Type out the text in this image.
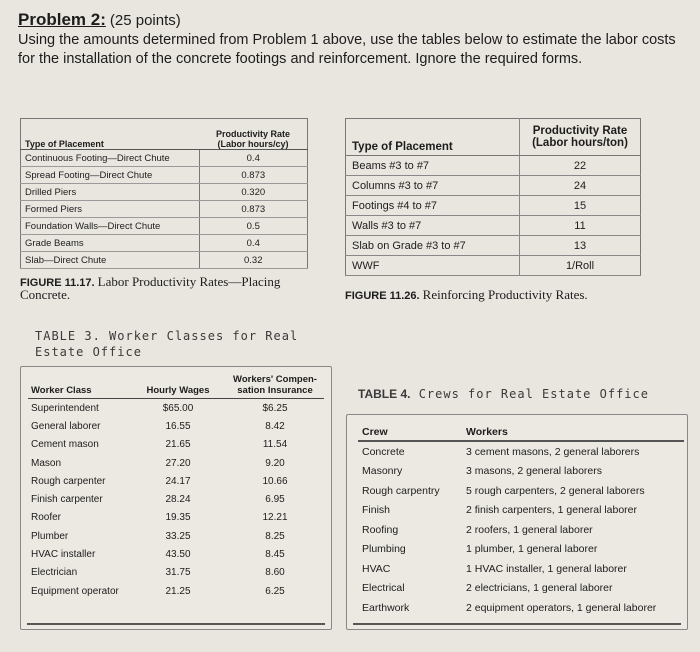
Problem 2: (25 points)
Using the amounts determined from Problem 1 above, use the tables below to estimate the labor costs for the installation of the concrete footings and reinforcement. Ignore the required forms.
Type of Placement	Productivity Rate (Labor hours/cy)
Continuous Footing—Direct Chute	0.4
Spread Footing—Direct Chute	0.873
Drilled Piers	0.320
Formed Piers	0.873
Foundation Walls—Direct Chute	0.5
Grade Beams	0.4
Slab—Direct Chute	0.32
FIGURE 11.17. Labor Productivity Rates—Placing Concrete.
Type of Placement	Productivity Rate (Labor hours/ton)
Beams #3 to #7	22
Columns #3 to #7	24
Footings #4 to #7	15
Walls #3 to #7	11
Slab on Grade #3 to #7	13
WWF	1/Roll
FIGURE 11.26. Reinforcing Productivity Rates.
TABLE 3. Worker Classes for Real Estate Office
Worker Class	Hourly Wages	Workers' Compen-sation Insurance
Superintendent	$65.00	$6.25
General laborer	16.55	8.42
Cement mason	21.65	11.54
Mason	27.20	9.20
Rough carpenter	24.17	10.66
Finish carpenter	28.24	6.95
Roofer	19.35	12.21
Plumber	33.25	8.25
HVAC installer	43.50	8.45
Electrician	31.75	8.60
Equipment operator	21.25	6.25
TABLE 4. Crews for Real Estate Office
Crew	Workers
Concrete	3 cement masons, 2 general laborers
Masonry	3 masons, 2 general laborers
Rough carpentry	5 rough carpenters, 2 general laborers
Finish	2 finish carpenters, 1 general laborer
Roofing	2 roofers, 1 general laborer
Plumbing	1 plumber, 1 general laborer
HVAC	1 HVAC installer, 1 general laborer
Electrical	2 electricians, 1 general laborer
Earthwork	2 equipment operators, 1 general laborer
